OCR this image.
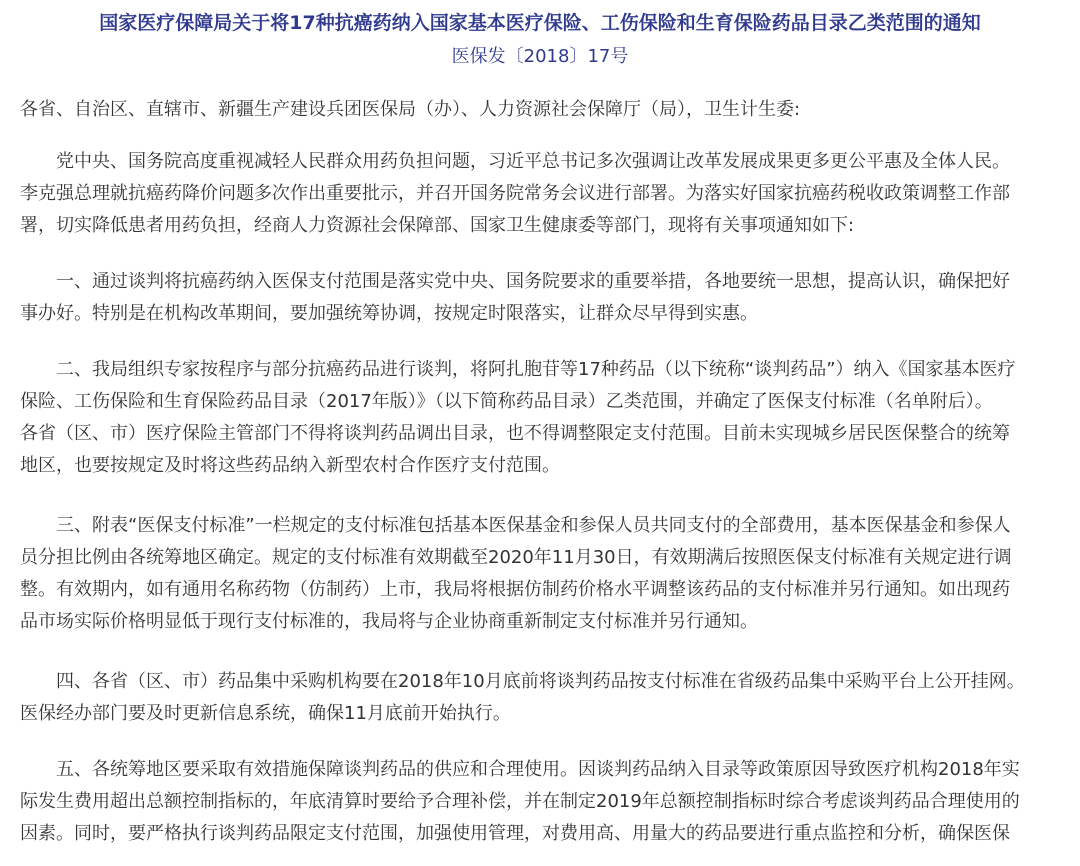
国家医疗保障局关于将17种抗癌药纳入国家基本医疗保险、工伤保险和生育保险药品目录乙类范围的通知
医保发〔2018〕17号
各省、自治区、直辖市、新疆生产建设兵团医保局（办）、人力资源社会保障厅（局），卫生计生委:
党中央、国务院高度重视减轻人民群众用药负担问题，习近平总书记多次强调让改革发展成果更多更公平惠及全体人民。
李克强总理就抗癌药降价问题多次作出重要批示，并召开国务院常务会议进行部署。为落实好国家抗癌药税收政策调整工作部
署，切实降低患者用药负担，经商人力资源社会保障部、国家卫生健康委等部门，现将有关事项通知如下:
一、通过谈判将抗癌药纳入医保支付范围是落实党中央、国务院要求的重要举措，各地要统一思想，提高认识，确保把好
事办好。特别是在机构改革期间，要加强统筹协调，按规定时限落实，让群众尽早得到实惠。
二、我局组织专家按程序与部分抗癌药品进行谈判，将阿扎胞苷等17种药品（以下统称“谈判药品”）纳入《国家基本医疗
保险、工伤保险和生育保险药品目录（2017年版）》（以下简称药品目录）乙类范围，并确定了医保支付标准（名单附后）。
各省（区、市）医疗保险主管部门不得将谈判药品调出目录，也不得调整限定支付范围。目前未实现城乡居民医保整合的统筹
地区，也要按规定及时将这些药品纳入新型农村合作医疗支付范围。
三、附表“医保支付标准”一栏规定的支付标准包括基本医保基金和参保人员共同支付的全部费用，基本医保基金和参保人
员分担比例由各统筹地区确定。规定的支付标准有效期截至2020年11月30日，有效期满后按照医保支付标准有关规定进行调
整。有效期内，如有通用名称药物（仿制药）上市，我局将根据仿制药价格水平调整该药品的支付标准并另行通知。如出现药
品市场实际价格明显低于现行支付标准的，我局将与企业协商重新制定支付标准并另行通知。
四、各省（区、市）药品集中采购机构要在2018年10月底前将谈判药品按支付标准在省级药品集中采购平台上公开挂网。
医保经办部门要及时更新信息系统，确保11月底前开始执行。
五、各统筹地区要采取有效措施保障谈判药品的供应和合理使用。因谈判药品纳入目录等政策原因导致医疗机构2018年实
际发生费用超出总额控制指标的，年底清算时要给予合理补偿，并在制定2019年总额控制指标时综合考虑谈判药品合理使用的
因素。同时，要严格执行谈判药品限定支付范围，加强使用管理，对费用高、用量大的药品要进行重点监控和分析，确保医保
